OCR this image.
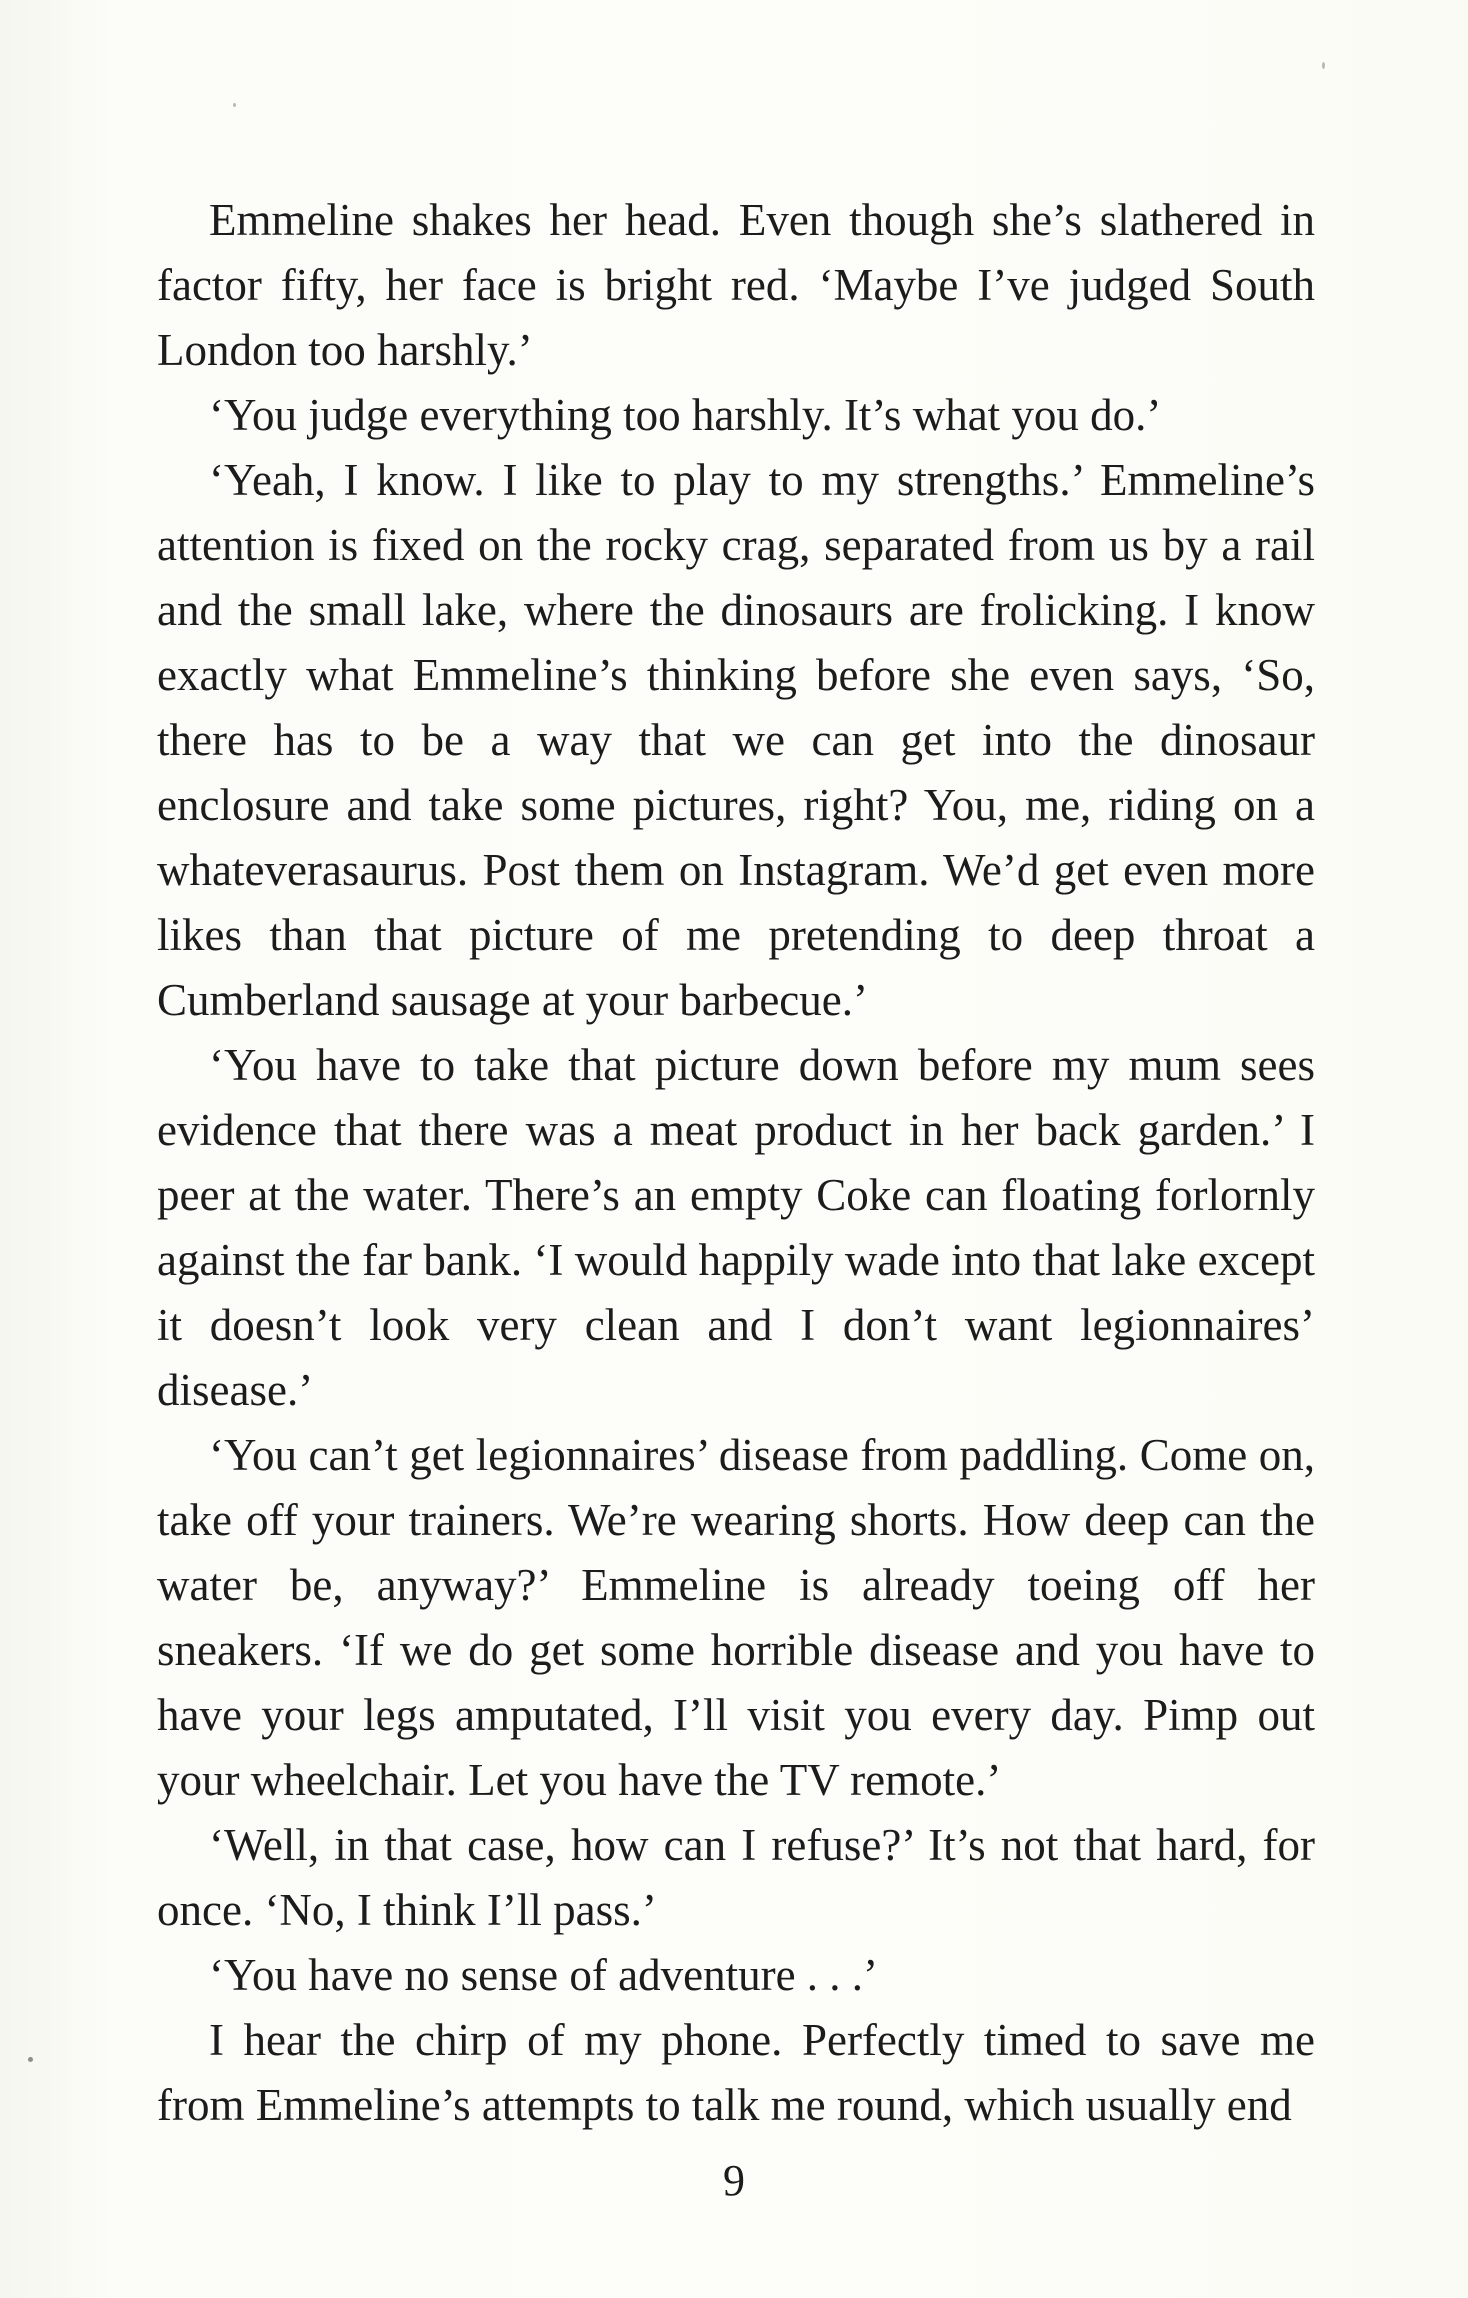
Emmeline shakes her head. Even though she’s slathered in factor fifty, her face is bright red. ‘Maybe I’ve judged South London too harshly.’

‘You judge everything too harshly. It’s what you do.’

‘Yeah, I know. I like to play to my strengths.’ Emmeline’s attention is fixed on the rocky crag, separated from us by a rail and the small lake, where the dinosaurs are frolicking. I know exactly what Emmeline’s thinking before she even says, ‘So, there has to be a way that we can get into the dinosaur enclosure and take some pictures, right? You, me, riding on a whateverasaurus. Post them on Instagram. We’d get even more likes than that picture of me pretending to deep throat a Cumberland sausage at your barbecue.’

‘You have to take that picture down before my mum sees evidence that there was a meat product in her back garden.’ I peer at the water. There’s an empty Coke can floating forlornly against the far bank. ‘I would happily wade into that lake except it doesn’t look very clean and I don’t want legionnaires’ disease.’

‘You can’t get legionnaires’ disease from paddling. Come on, take off your trainers. We’re wearing shorts. How deep can the water be, anyway?’ Emmeline is already toeing off her sneakers. ‘If we do get some horrible disease and you have to have your legs amputated, I’ll visit you every day. Pimp out your wheelchair. Let you have the TV remote.’

‘Well, in that case, how can I refuse?’ It’s not that hard, for once. ‘No, I think I’ll pass.’

‘You have no sense of adventure . . .’

I hear the chirp of my phone. Perfectly timed to save me from Emmeline’s attempts to talk me round, which usually end

9
